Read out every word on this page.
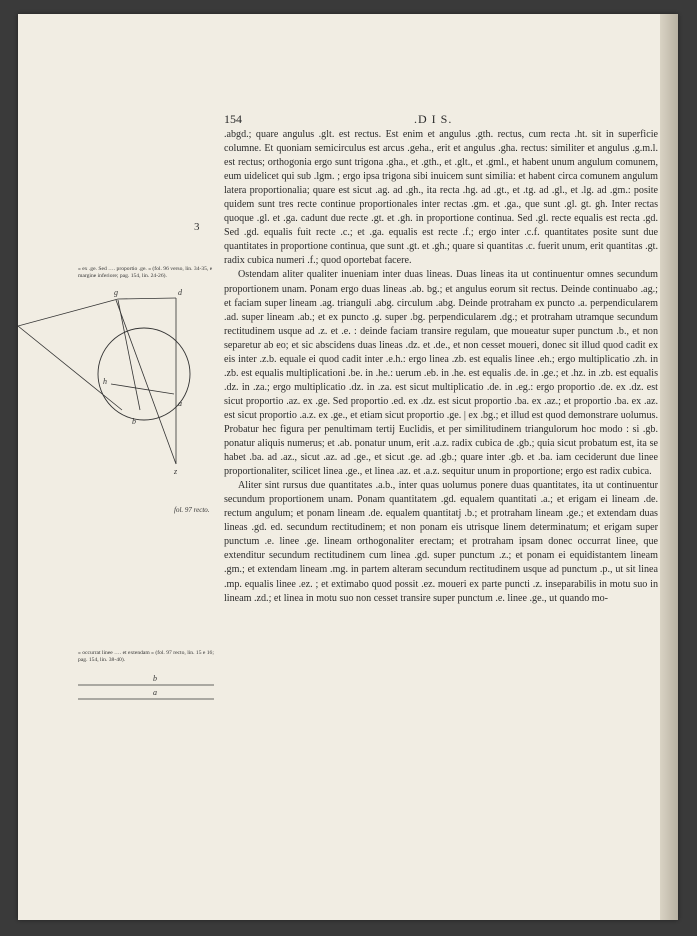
154	.D I S.
3
« ex .ge. Sed …. proportio .ge. » (fol. 96 verso, lin. 34-35, e margine inferiore; pag. 154, lin. 24-26).
g	d
h
b
a
z
fol. 97 recto.
« occurrat linee …. et extendam » (fol. 97 recto, lin. 15 e 16; pag. 154, lin. 38-40).
b
a

.abgd.; quare angulus .glt. est rectus. Est enim et angulus .gth. rectus, cum recta .ht. sit in superficie columne. Et quoniam semicirculus est arcus .geha., erit et angulus .gha. rectus: similiter et angulus .g.m.l. est rectus; orthogonia ergo sunt trigona .gha., et .gth., et .glt., et .gml., et habent unum angulum comunem, eum uidelicet qui sub .lgm. ; ergo ipsa trigona sibi inuicem sunt similia: et habent circa comunem angulum latera proportionalia; quare est sicut .ag. ad .gh., ita recta .hg. ad .gt., et .tg. ad .gl., et .lg. ad .gm.: posite quidem sunt tres recte continue proportionales inter rectas .gm. et .ga., que sunt .gl. gt. gh. Inter rectas quoque .gl. et .ga. cadunt due recte .gt. et .gh. in proportione continua. Sed .gl. recte equalis est recta .gd. Sed .gd. equalis fuit recte .c.; et .ga. equalis est recte .f.; ergo inter .c.f. quantitates posite sunt due quantitates in proportione continua, que sunt .gt. et .gh.; quare si quantitas .c. fuerit unum, erit quantitas .gt. radix cubica numeri .f.; quod oportebat facere.

Ostendam aliter qualiter inueniam inter duas lineas. Duas lineas ita ut continuentur omnes secundum proportionem unam. Ponam ergo duas lineas .ab. bg.; et angulus eorum sit rectus. Deinde continuabo .ag.; et faciam super lineam .ag. trianguli .abg. circulum .abg. Deinde protraham ex puncto .a. perpendicularem .ad. super lineam .ab.; et ex puncto .g. super .bg. perpendicularem .dg.; et protraham utramque secundum rectitudinem usque ad .z. et .e. : deinde faciam transire regulam, que moueatur super punctum .b., et non separetur ab eo; et sic abscidens duas lineas .dz. et .de., et non cesset moueri, donec sit illud quod cadit ex eis inter .z.b. equale ei quod cadit inter .e.h.: ergo linea .zb. est equalis linee .eh.; ergo multiplicatio .zh. in .zb. est equalis multiplicationi .be. in .he.: uerum .eb. in .he. est equalis .de. in .ge.; et .hz. in .zb. est equalis .dz. in .za.; ergo multiplicatio .dz. in .za. est sicut multiplicatio .de. in .eg.: ergo proportio .de. ex .dz. est sicut proportio .az. ex .ge. Sed proportio .ed. ex .dz. est sicut proportio .ba. ex .az.; et proportio .ba. ex .az. est sicut proportio .a.z. ex .ge., et etiam sicut proportio .ge. | ex .bg.; et illud est quod demonstrare uolumus. Probatur hec figura per penultimam tertij Euclidis, et per similitudinem triangulorum hoc modo : si .gb. ponatur aliquis numerus; et .ab. ponatur unum, erit .a.z. radix cubica de .gb.; quia sicut probatum est, ita se habet .ba. ad .az., sicut .az. ad .ge., et sicut .ge. ad .gb.; quare inter .gb. et .ba. iam ceciderunt due linee proportionaliter, scilicet linea .ge., et linea .az. et .a.z. sequitur unum in proportione; ergo est radix cubica.

Aliter sint rursus due quantitates .a.b., inter quas uolumus ponere duas quantitates, ita ut continuentur secundum proportionem unam. Ponam quantitatem .gd. equalem quantitati .a.; et erigam ei lineam .de. rectum angulum; et ponam lineam .de. equalem quantitatj .b.; et protraham lineam .ge.; et extendam duas lineas .gd. ed. secundum rectitudinem; et non ponam eis utrisque linem determinatum; et erigam super punctum .e. linee .ge. lineam orthogonaliter erectam; et protraham ipsam donec occurrat linee, que extenditur secundum rectitudinem cum linea .gd. super punctum .z.; et ponam ei equidistantem lineam .gm.; et extendam lineam .mg. in partem alteram secundum rectitudinem usque ad punctum .p., ut sit linea .mp. equalis linee .ez. ; et extimabo quod possit .ez. moueri ex parte puncti .z. inseparabilis in motu suo in lineam .zd.; et linea in motu suo non cesset transire super punctum .e. linee .ge., ut quando mo-
